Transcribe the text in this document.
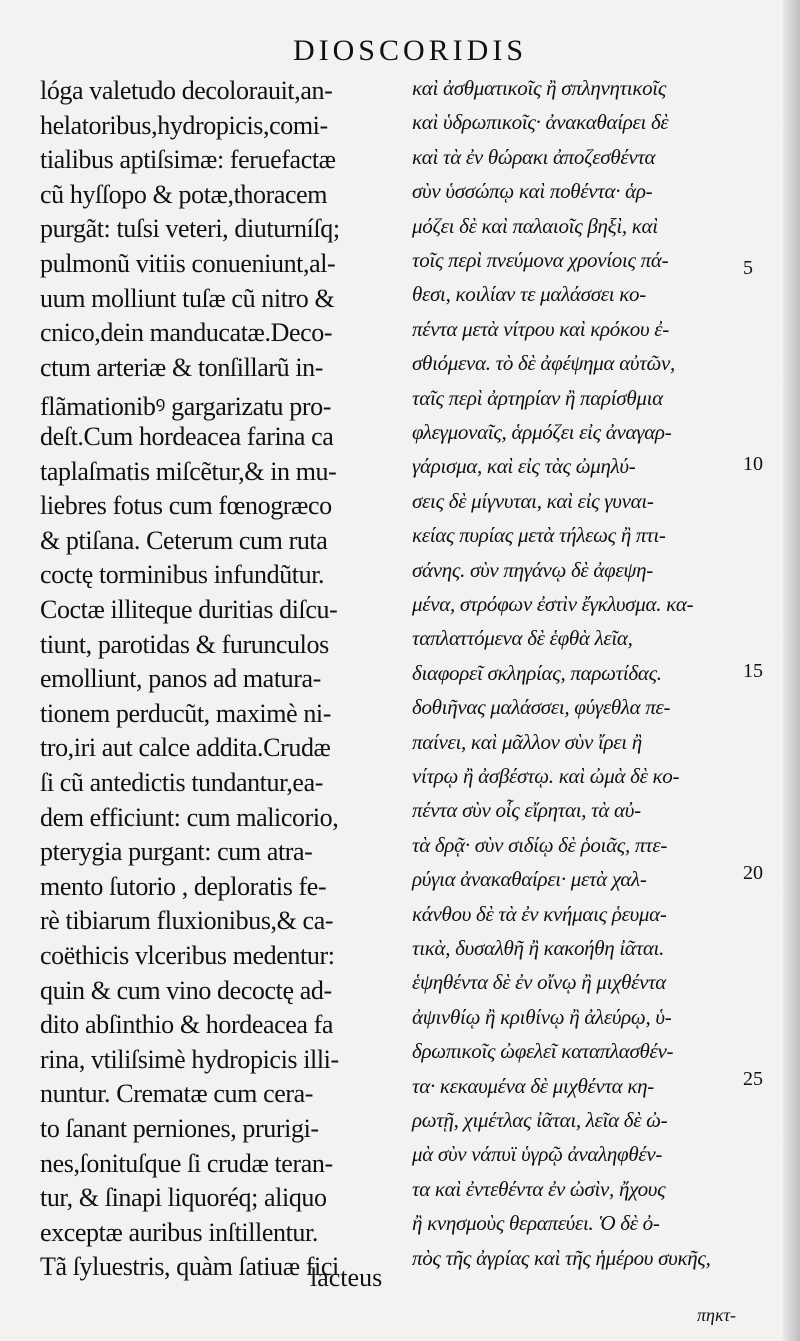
DIOSCORIDIS
lóga valetudo decolorauit,an-
helatoribus,hydropicis,comi-
tialibus aptiſsimæ: feruefactæ
cũ hyſſopo & potæ,thoracem
purgãt: tuſsi veteri, diuturníſq;
pulmonũ vitiis conueniunt,al-
uum molliunt tuſæ cũ nitro &
cnico,dein manducatæ.Deco-
ctum arteriæ & tonſillarũ in-
flãmationibꝰ gargarizatu pro-
deſt.Cum hordeacea farina ca
taplaſmatis miſcẽtur,& in mu-
liebres fotus cum fœnogræco
& ptiſana. Ceterum cum ruta
coctę torminibus infundũtur.
Coctæ illiteque duritias diſcu-
tiunt, parotidas & furunculos
emolliunt, panos ad matura-
tionem perducũt, maximè ni-
tro,iri aut calce addita.Crudæ
ſi cũ antedictis tundantur,ea-
dem efficiunt: cum malicorio,
pterygia purgant: cum atra-
mento ſutorio , deploratis fe-
rè tibiarum fluxionibus,& ca-
coëthicis vlceribus medentur:
quin & cum vino decoctę ad-
dito abſinthio & hordeacea fa
rina, vtiliſsimè hydropicis illi-
nuntur. Crematæ cum cera-
to ſanant perniones, prurigi-
nes,ſonituſque ſi crudæ teran-
tur, & ſinapi liquoréq; aliquo
exceptæ auribus inſtillentur.
Tã ſyluestris, quàm ſatiuæ fici
καὶ ἀσθματικοῖς ἢ σπληνητικοῖς
καὶ ὑδρωπικοῖς· ἀνακαθαίρει δὲ
καὶ τὰ ἐν θώρακι ἀποζεσθέντα
σὺν ὑσσώπῳ καὶ ποθέντα· ἁρ-
μόζει δὲ καὶ παλαιοῖς βηξὶ, καὶ
τοῖς περὶ πνεύμονα χρονίοις πά-
θεσι, κοιλίαν τε μαλάσσει κο-
πέντα μετὰ νίτρου καὶ κρόκου ἐ-
σθιόμενα. τὸ δὲ ἀφέψημα αὐτῶν,
ταῖς περὶ ἀρτηρίαν ἢ παρίσθμια
φλεγμοναῖς, ἁρμόζει εἰς ἀναγαρ-
γάρισμα, καὶ εἰς τὰς ὠμηλύ-
σεις δὲ μίγνυται, καὶ εἰς γυναι-
κείας πυρίας μετὰ τήλεως ἢ πτι-
σάνης. σὺν πηγάνῳ δὲ ἀφεψη-
μένα, στρόφων ἐστὶν ἔγκλυσμα. κα-
ταπλαττόμενα δὲ ἑφθὰ λεῖα,
διαφορεῖ σκληρίας, παρωτίδας.
δοθιῆνας μαλάσσει, φύγεθλα πε-
παίνει, καὶ μᾶλλον σὺν ἴρει ἢ
νίτρῳ ἢ ἀσβέστῳ. καὶ ὠμὰ δὲ κο-
πέντα σὺν οἷς εἴρηται, τὰ αὐ-
τὰ δρᾷ· σὺν σιδίῳ δὲ ῥοιᾶς, πτε-
ρύγια ἀνακαθαίρει· μετὰ χαλ-
κάνθου δὲ τὰ ἐν κνήμαις ῥευμα-
τικὰ, δυσαλθῆ ἢ κακοήθη ἰᾶται.
ἑψηθέντα δὲ ἐν οἴνῳ ἢ μιχθέντα
ἀψινθίῳ ἢ κριθίνῳ ἢ ἀλεύρῳ, ὑ-
δρωπικοῖς ὠφελεῖ καταπλασθέν-
τα· κεκαυμένα δὲ μιχθέντα κη-
ρωτῇ, χιμέτλας ἰᾶται, λεῖα δὲ ὠ-
μὰ σὺν νάπυϊ ὑγρῷ ἀναληφθέν-
τα καὶ ἐντεθέντα ἐν ὠσὶν, ἤχους
ἢ κνησμοὺς θεραπεύει. Ὁ δὲ ὀ-
πὸς τῆς ἀγρίας καὶ τῆς ἡμέρου συκῆς,
lacteus
πηκτ-
5
10
15
20
25
